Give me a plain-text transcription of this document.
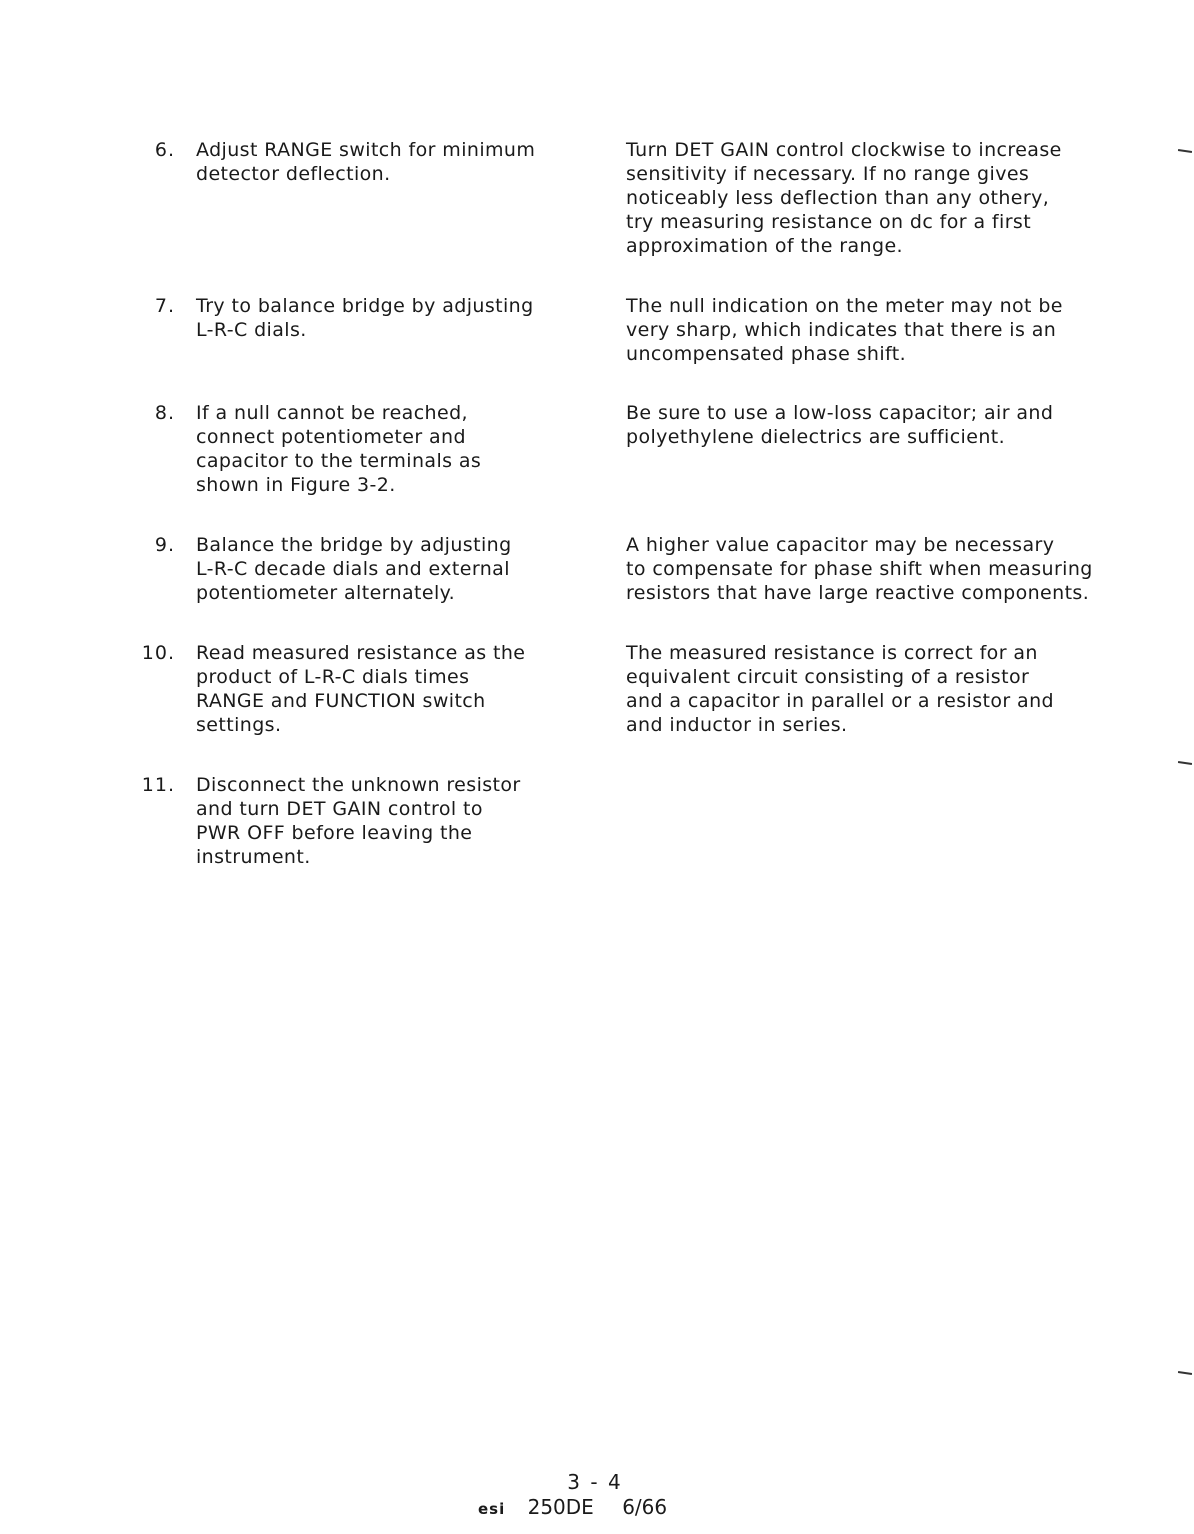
6. Adjust RANGE switch for minimum
detector deflection.
Turn DET GAIN control clockwise to increase
sensitivity if necessary. If no range gives
noticeably less deflection than any othery,
try measuring resistance on dc for a first
approximation of the range.
7. Try to balance bridge by adjusting
L-R-C dials.
The null indication on the meter may not be
very sharp, which indicates that there is an
uncompensated phase shift.
8. If a null cannot be reached,
connect potentiometer and
capacitor to the terminals as
shown in Figure 3-2.
Be sure to use a low-loss capacitor; air and
polyethylene dielectrics are sufficient.
9. Balance the bridge by adjusting
L-R-C decade dials and external
potentiometer alternately.
A higher value capacitor may be necessary
to compensate for phase shift when measuring
resistors that have large reactive components.
10. Read measured resistance as the
product of L-R-C dials times
RANGE and FUNCTION switch
settings.
The measured resistance is correct for an
equivalent circuit consisting of a resistor
and a capacitor in parallel or a resistor and
and inductor in series.
11. Disconnect the unknown resistor
and turn DET GAIN control to
PWR OFF before leaving the
instrument.
3 - 4
esi 250DE 6/66
